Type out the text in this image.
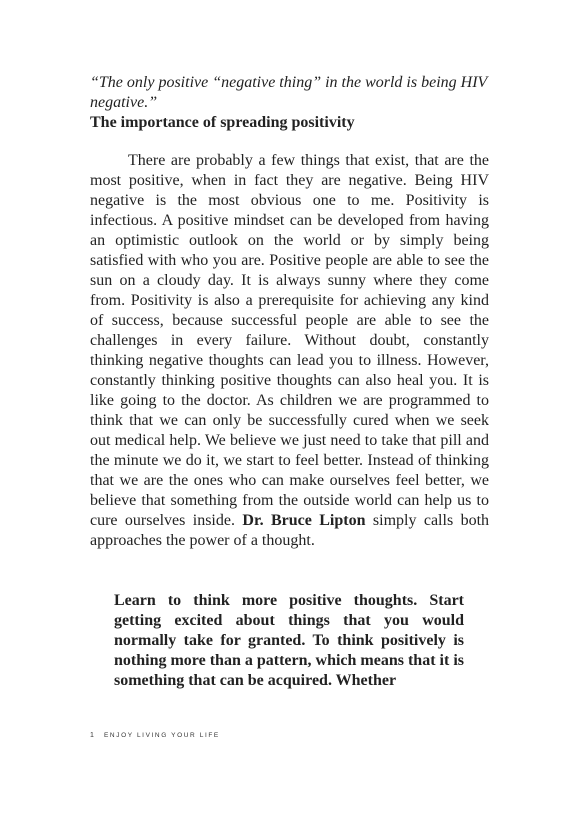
“The only positive “negative thing” in the world is being HIV negative.”

The importance of spreading positivity

There are probably a few things that exist, that are the most positive, when in fact they are negative. Being HIV negative is the most obvious one to me. Positivity is infectious. A positive mindset can be developed from having an optimistic outlook on the world or by simply being satisfied with who you are. Positive people are able to see the sun on a cloudy day. It is always sunny where they come from. Positivity is also a prerequisite for achieving any kind of success, because successful people are able to see the challenges in every failure. Without doubt, constantly thinking negative thoughts can lead you to illness. However, constantly thinking positive thoughts can also heal you. It is like going to the doctor. As children we are programmed to think that we can only be successfully cured when we seek out medical help. We believe we just need to take that pill and the minute we do it, we start to feel better. Instead of thinking that we are the ones who can make ourselves feel better, we believe that something from the outside world can help us to cure ourselves inside. Dr. Bruce Lipton simply calls both approaches the power of a thought.

Learn to think more positive thoughts. Start getting excited about things that you would normally take for granted. To think positively is nothing more than a pattern, which means that it is something that can be acquired. Whether

1 ENJOY LIVING YOUR LIFE
